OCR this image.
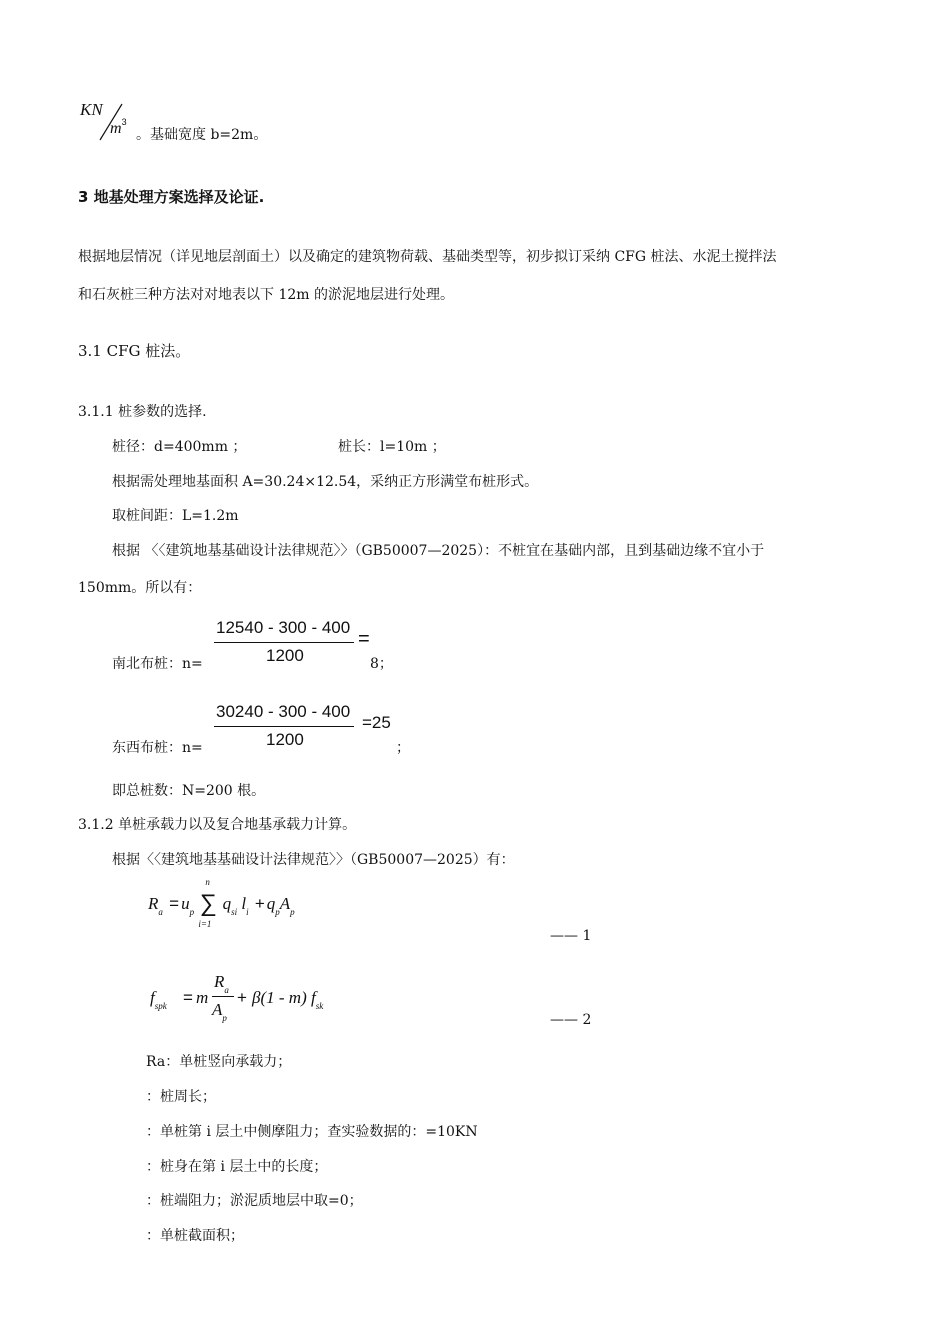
KN
$m^3$
。基础宽度 b=2m。
3 地基处理方案选择及论证.
根据地层情况（详见地层剖面土）以及确定的建筑物荷载、基础类型等，初步拟订采纳 CFG 桩法、水泥土搅拌法
和石灰桩三种方法对对地表以下 12m 的淤泥地层进行处理。
3.1 CFG 桩法。
3.1.1 桩参数的选择.
桩径：d=400mm ；	桩长：l=10m ；
根据需处理地基面积 A=30.24×12.54，采纳正方形满堂布桩形式。
取桩间距：L=1.2m
根据 〈〈建筑地基基础设计法律规范〉〉（GB50007—2025）：不桩宜在基础内部，且到基础边缘不宜小于
150mm。所以有：
南北布桩：n=
12540 - 300 - 400
1200
=
8；
东西布桩：n=
30240 - 300 - 400
1200
=25
；
即总桩数：N=200 根。
3.1.2 单桩承载力以及复合地基承载力计算。
根据〈〈建筑地基基础设计法律规范〉〉（GB50007—2025）有：
$R_a = u_p$
n
∑
i=1
$q_{si}$ $l_i + q_pA_p$
—— 1
$f_{spk} = m$
$R_a$
$A_p$
+ β(1 - m) $f_{sk}$
—— 2
Ra：单桩竖向承载力；
：桩周长；
：单桩第 i 层土中侧摩阻力；查实验数据的：=10KN
：桩身在第 i 层土中的长度；
：桩端阻力；淤泥质地层中取=0；
：单桩截面积；
